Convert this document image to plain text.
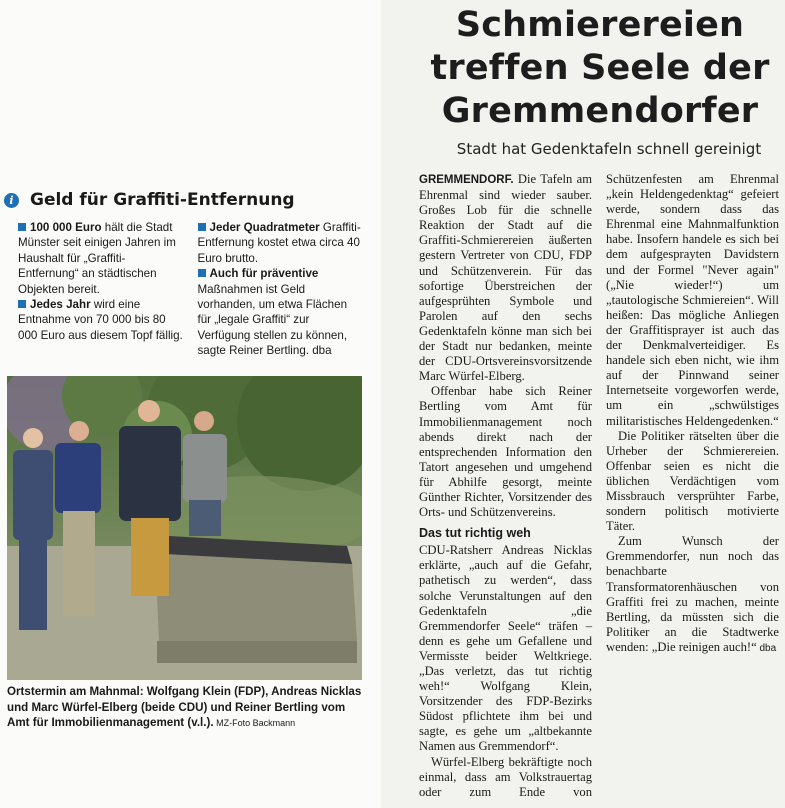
Schmierereien
treffen Seele der
Gremmendorfer
Stadt hat Gedenktafeln schnell gereinigt
i Geld für Graffiti-Entfernung

100 000 Euro hält die Stadt Münster seit einigen Jahren im Haushalt für „Graffiti-Entfernung“ an städtischen Objekten bereit.

Jedes Jahr wird eine Entnahme von 70 000 bis 80 000 Euro aus diesem Topf fällig.

Jeder Quadratmeter Graffiti-Entfernung kostet etwa circa 40 Euro brutto.

Auch für präventive Maßnahmen ist Geld vorhanden, um etwa Flächen für „legale Graffiti“ zur Verfügung stellen zu können, sagte Reiner Bertling. dba

Ortstermin am Mahnmal: Wolfgang Klein (FDP), Andreas Nicklas und Marc Würfel-Elberg (beide CDU) und Reiner Bertling vom Amt für Immobilienmanagement (v.l.). MZ-Foto Backmann

GREMMENDORF. Die Tafeln am Ehrenmal sind wieder sauber. Großes Lob für die schnelle Reaktion der Stadt auf die Graffiti-Schmierereien äußerten gestern Vertreter von CDU, FDP und Schützenverein. Für das sofortige Überstreichen der aufgesprühten Symbole und Parolen auf den sechs Gedenktafeln könne man sich bei der Stadt nur bedanken, meinte der CDU-Ortsvereinsvorsitzende Marc Würfel-Elberg.

Offenbar habe sich Reiner Bertling vom Amt für Immobilienmanagement noch abends direkt nach der entsprechenden Information den Tatort angesehen und umgehend für Abhilfe gesorgt, meinte Günther Richter, Vorsitzender des Orts- und Schützenvereins.

Das tut richtig weh

CDU-Ratsherr Andreas Nicklas erklärte, „auch auf die Gefahr, pathetisch zu werden“, dass solche Verunstaltungen auf den Gedenktafeln „die Gremmendorfer Seele“ träfen – denn es gehe um Gefallene und Vermisste beider Weltkriege. „Das verletzt, das tut richtig weh!“ Wolfgang Klein, Vorsitzender des FDP-Bezirks Südost pflichtete ihm bei und sagte, es gehe um „altbekannte Namen aus Gremmendorf“.

Würfel-Elberg bekräftigte noch einmal, dass am Volkstrauertag oder zum Ende von Schützenfesten am Ehrenmal „kein Heldengedenktag“ gefeiert werde, sondern dass das Ehrenmal eine Mahnmalfunktion habe. Insofern handele es sich bei dem aufgesprayten Davidstern und der Formel "Never again" („Nie wieder!“) um „tautologische Schmiereien“. Will heißen: Das mögliche Anliegen der Graffitisprayer ist auch das der Denkmalverteidiger. Es handele sich eben nicht, wie ihm auf der Pinnwand seiner Internetseite vorgeworfen werde, um ein „schwülstiges militaristisches Heldengedenken.“

Die Politiker rätselten über die Urheber der Schmierereien. Offenbar seien es nicht die üblichen Verdächtigen vom Missbrauch versprühter Farbe, sondern politisch motivierte Täter.

Zum Wunsch der Gremmendorfer, nun noch das benachbarte Transformatorenhäuschen von Graffiti frei zu machen, meinte Bertling, da müssten sich die Politiker an die Stadtwerke wenden: „Die reinigen auch!“ dba
